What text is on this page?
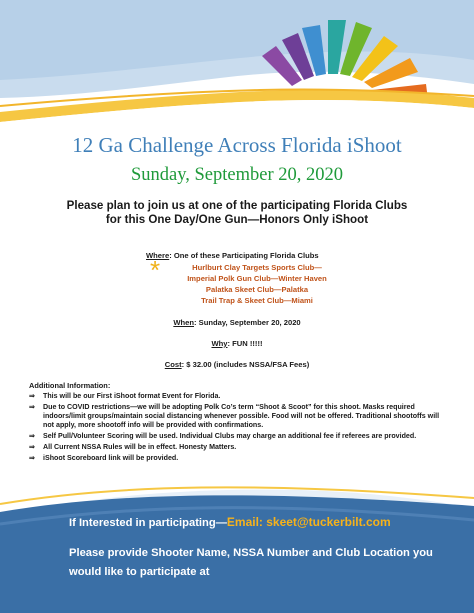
12 Ga Challenge Across Florida iShoot
Sunday, September 20, 2020
Please plan to join us at one of the participating Florida Clubs
for this One Day/One Gun—Honors Only iShoot
Where: One of these Participating Florida Clubs
*	Hurlburt Clay Targets Sports Club—
Imperial Polk Gun Club—Winter Haven
Palatka Skeet Club—Palatka
Trail Trap & Skeet Club—Miami
When: Sunday, September 20, 2020
Why: FUN !!!!!
Cost: $ 32.00 (includes NSSA/FSA Fees)
Additional Information:
⇒ This will be our First iShoot format Event for Florida.
⇒ Due to COVID restrictions—we will be adopting Polk Co’s term “Shoot & Scoot” for this shoot. Masks required indoors/limit groups/maintain social distancing whenever possible. Food will not be offered. Traditional shootoffs will not apply, more shootoff info will be provided with confirmations.
⇒ Self Pull/Volunteer Scoring will be used. Individual Clubs may charge an additional fee if referees are provided.
⇒ All Current NSSA Rules will be in effect. Honesty Matters.
⇒ iShoot Scoreboard link will be provided.
If Interested in participating—Email: skeet@tuckerbilt.com
Please provide Shooter Name, NSSA Number and Club Location you would like to participate at
